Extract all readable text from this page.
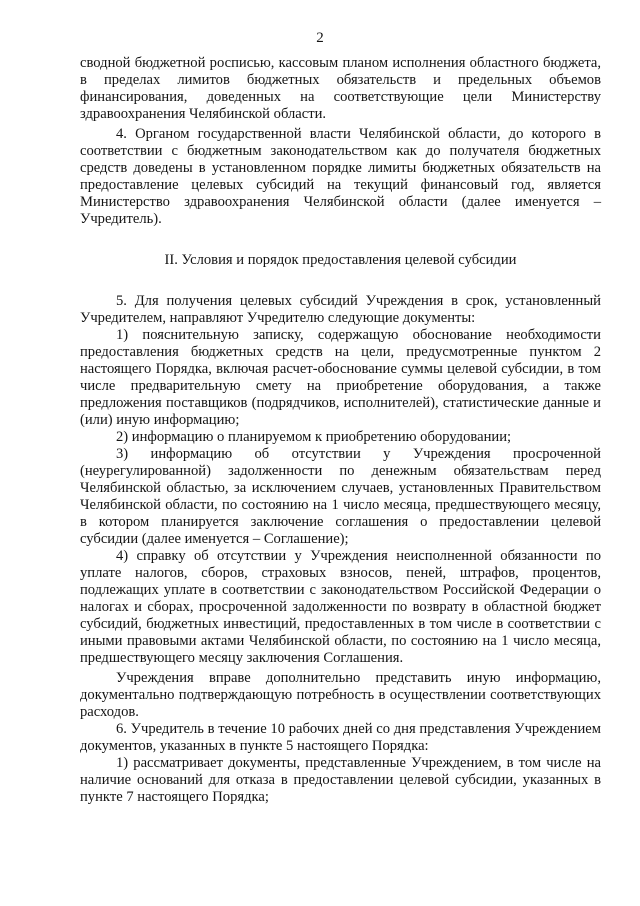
2

сводной бюджетной росписью, кассовым планом исполнения областного бюджета, в пределах лимитов бюджетных обязательств и предельных объемов финансирования, доведенных на соответствующие цели Министерству здравоохранения Челябинской области.

4. Органом государственной власти Челябинской области, до которого в соответствии с бюджетным законодательством как до получателя бюджетных средств доведены в установленном порядке лимиты бюджетных обязательств на предоставление целевых субсидий на текущий финансовый год, является Министерство здравоохранения Челябинской области (далее именуется – Учредитель).

II. Условия и порядок предоставления целевой субсидии

5. Для получения целевых субсидий Учреждения в срок, установленный Учредителем, направляют Учредителю следующие документы:

1) пояснительную записку, содержащую обоснование необходимости предоставления бюджетных средств на цели, предусмотренные пунктом 2 настоящего Порядка, включая расчет-обоснование суммы целевой субсидии, в том числе предварительную смету на приобретение оборудования, а также предложения поставщиков (подрядчиков, исполнителей), статистические данные и (или) иную информацию;

2) информацию о планируемом к приобретению оборудовании;

3) информацию об отсутствии у Учреждения просроченной (неурегулированной) задолженности по денежным обязательствам перед Челябинской областью, за исключением случаев, установленных Правительством Челябинской области, по состоянию на 1 число месяца, предшествующего месяцу, в котором планируется заключение соглашения о предоставлении целевой субсидии (далее именуется – Соглашение);

4) справку об отсутствии у Учреждения неисполненной обязанности по уплате налогов, сборов, страховых взносов, пеней, штрафов, процентов, подлежащих уплате в соответствии с законодательством Российской Федерации о налогах и сборах, просроченной задолженности по возврату в областной бюджет субсидий, бюджетных инвестиций, предоставленных в том числе в соответствии с иными правовыми актами Челябинской области, по состоянию на 1 число месяца, предшествующего месяцу заключения Соглашения.

Учреждения вправе дополнительно представить иную информацию, документально подтверждающую потребность в осуществлении соответствующих расходов.

6. Учредитель в течение 10 рабочих дней со дня представления Учреждением документов, указанных в пункте 5 настоящего Порядка:

1) рассматривает документы, представленные Учреждением, в том числе на наличие оснований для отказа в предоставлении целевой субсидии, указанных в пункте 7 настоящего Порядка;
